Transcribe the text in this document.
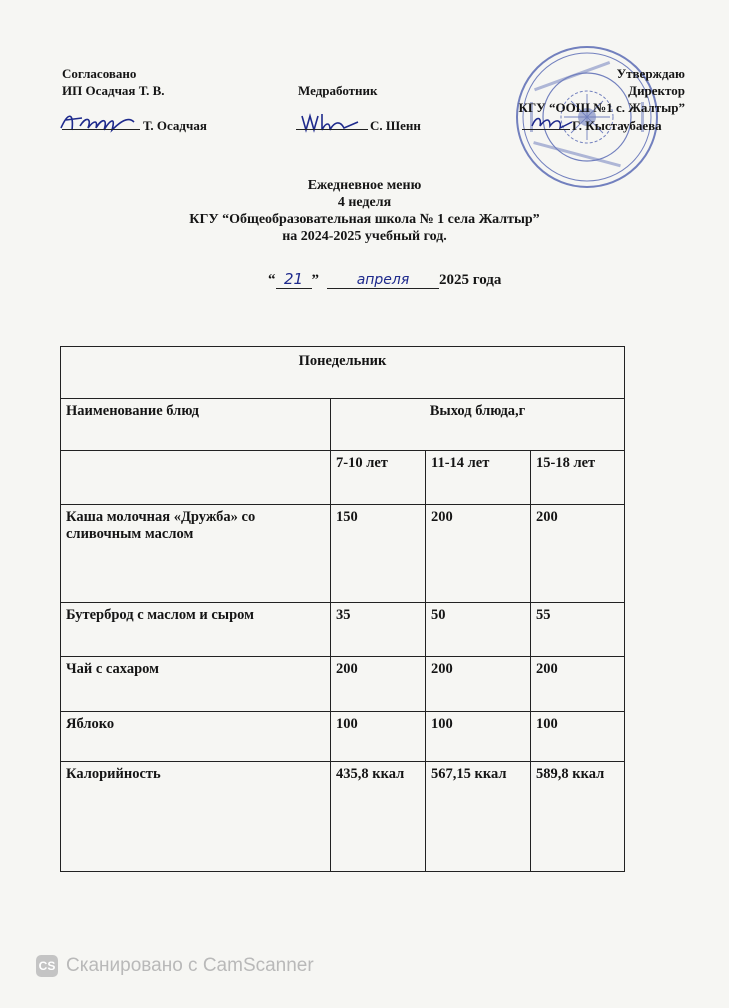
Согласовано
ИП Осадчая Т. В.
Т. Осадчая
Медработник
С. Шенн
Утверждаю
Директор
КГУ “ООШ №1 с. Жалтыр”
Г. Кыстаубаева
Ежедневное меню
4 неделя
КГУ “Общеобразовательная школа № 1 села Жалтыр”
на 2024-2025 учебный год.
“ 21 ”	апреля	2025 года
Понедельник			
Наименование блюд	Выход блюда,г		
	7-10 лет	11-14 лет	15-18 лет
Каша молочная «Дружба» со сливочным маслом	150	200	200
Бутерброд с маслом и сыром	35	50	55
Чай с сахаром	200	200	200
Яблоко	100	100	100
Калорийность	435,8 ккал	567,15 ккал	589,8 ккал
CS Сканировано с CamScanner
